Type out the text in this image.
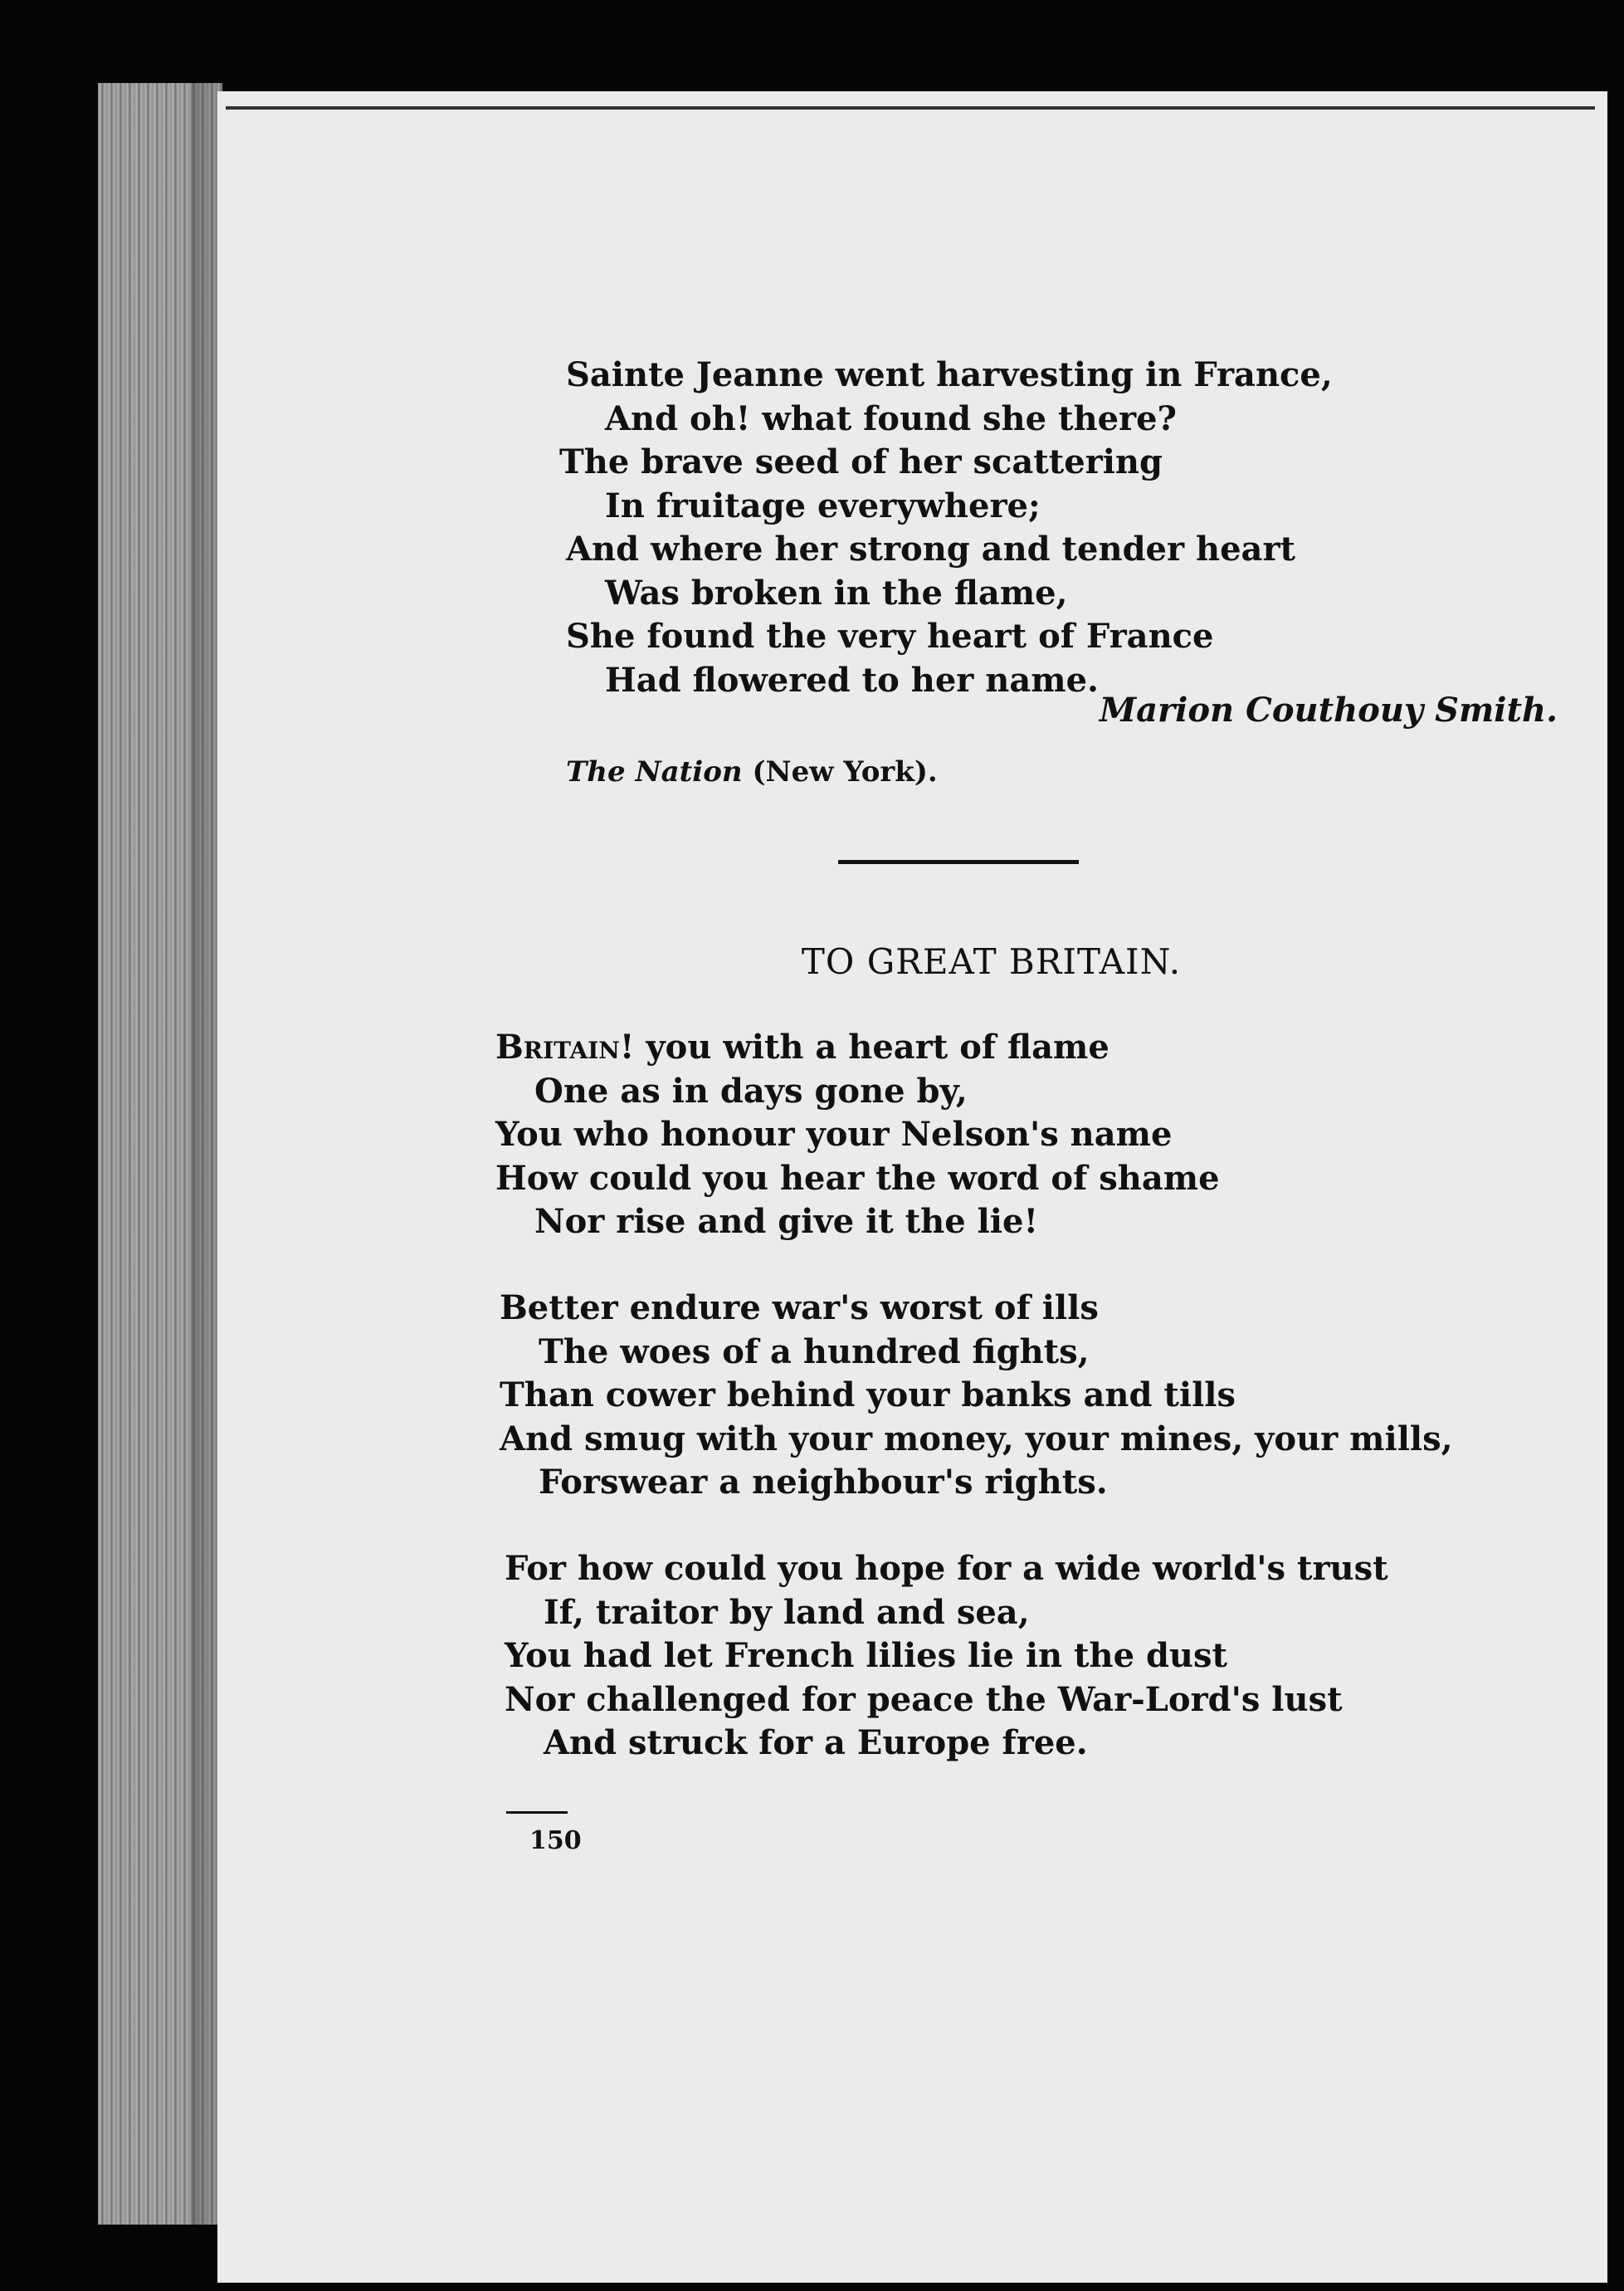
Sainte Jeanne went harvesting in France,
And oh! what found she there?
The brave seed of her scattering
In fruitage everywhere;
And where her strong and tender heart
Was broken in the flame,
She found the very heart of France
Had flowered to her name.

Marion Couthouy Smith.
The Nation (New York).
TO GREAT BRITAIN.

Britain! you with a heart of flame
One as in days gone by,
You who honour your Nelson's name
How could you hear the word of shame
Nor rise and give it the lie!

Better endure war's worst of ills
The woes of a hundred fights,
Than cower behind your banks and tills
And smug with your money, your mines, your mills,
Forswear a neighbour's rights.

For how could you hope for a wide world's trust
If, traitor by land and sea,
You had let French lilies lie in the dust
Nor challenged for peace the War-Lord's lust
And struck for a Europe free.

150
